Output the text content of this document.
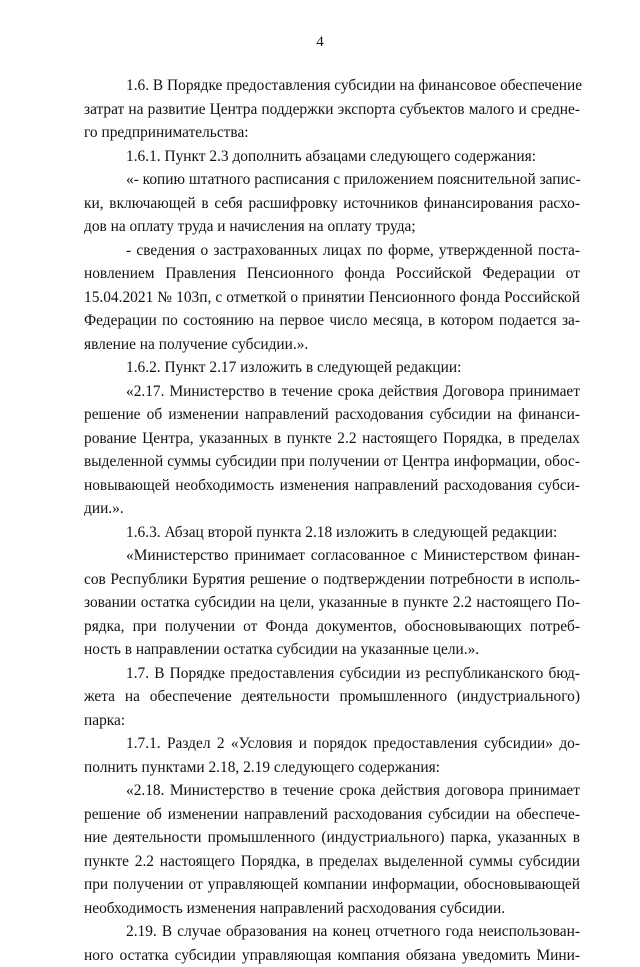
4
1.6. В Порядке предоставления субсидии на финансовое обеспечение
затрат на развитие Центра поддержки экспорта субъектов малого и средне-
го предпринимательства:
1.6.1. Пункт 2.3 дополнить абзацами следующего содержания:
«- копию штатного расписания с приложением пояснительной запис-
ки, включающей в себя расшифровку источников финансирования расхо-
дов на оплату труда и начисления на оплату труда;
- сведения о застрахованных лицах по форме, утвержденной поста-
новлением Правления Пенсионного фонда Российской Федерации от
15.04.2021 № 103п, с отметкой о принятии Пенсионного фонда Российской
Федерации по состоянию на первое число месяца, в котором подается за-
явление на получение субсидии.».
1.6.2. Пункт 2.17 изложить в следующей редакции:
«2.17. Министерство в течение срока действия Договора принимает
решение об изменении направлений расходования субсидии на финанси-
рование Центра, указанных в пункте 2.2 настоящего Порядка, в пределах
выделенной суммы субсидии при получении от Центра информации, обос-
новывающей необходимость изменения направлений расходования субси-
дии.».
1.6.3. Абзац второй пункта 2.18 изложить в следующей редакции:
«Министерство принимает согласованное с Министерством финан-
сов Республики Бурятия решение о подтверждении потребности в исполь-
зовании остатка субсидии на цели, указанные в пункте 2.2 настоящего По-
рядка, при получении от Фонда документов, обосновывающих потреб-
ность в направлении остатка субсидии на указанные цели.».
1.7. В Порядке предоставления субсидии из республиканского бюд-
жета на обеспечение деятельности промышленного (индустриального)
парка:
1.7.1. Раздел 2 «Условия и порядок предоставления субсидии» до-
полнить пунктами 2.18, 2.19 следующего содержания:
«2.18. Министерство в течение срока действия договора принимает
решение об изменении направлений расходования субсидии на обеспече-
ние деятельности промышленного (индустриального) парка, указанных в
пункте 2.2 настоящего Порядка, в пределах выделенной суммы субсидии
при получении от управляющей компании информации, обосновывающей
необходимость изменения направлений расходования субсидии.
2.19. В случае образования на конец отчетного года неиспользован-
ного остатка субсидии управляющая компания обязана уведомить Мини-
